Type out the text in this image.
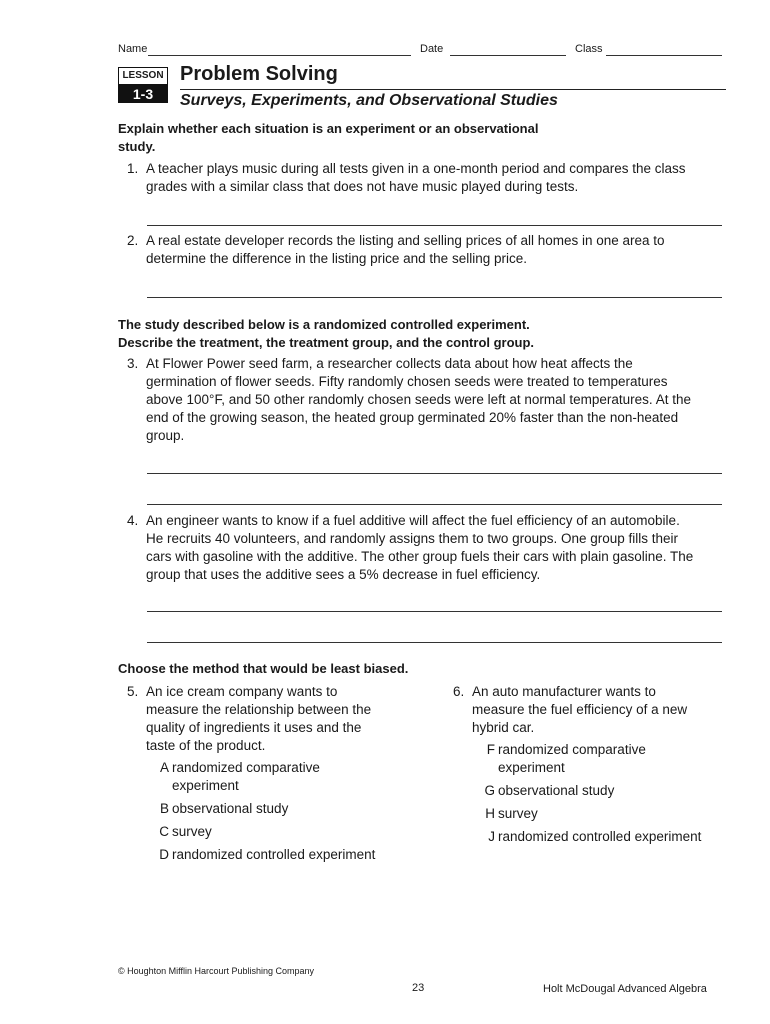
Name	Date	Class
LESSON
1-3
Problem Solving
Surveys, Experiments, and Observational Studies
Explain whether each situation is an experiment or an observational
study.
1. A teacher plays music during all tests given in a one-month period and compares the class
grades with a similar class that does not have music played during tests.
2. A real estate developer records the listing and selling prices of all homes in one area to
determine the difference in the listing price and the selling price.
The study described below is a randomized controlled experiment.
Describe the treatment, the treatment group, and the control group.
3. At Flower Power seed farm, a researcher collects data about how heat affects the
germination of flower seeds. Fifty randomly chosen seeds were treated to temperatures
above 100°F, and 50 other randomly chosen seeds were left at normal temperatures. At the
end of the growing season, the heated group germinated 20% faster than the non-heated
group.
4. An engineer wants to know if a fuel additive will affect the fuel efficiency of an automobile.
He recruits 40 volunteers, and randomly assigns them to two groups. One group fills their
cars with gasoline with the additive. The other group fuels their cars with plain gasoline. The
group that uses the additive sees a 5% decrease in fuel efficiency.
Choose the method that would be least biased.
5. An ice cream company wants to
measure the relationship between the
quality of ingredients it uses and the
taste of the product.
A randomized comparative
experiment
B observational study
C survey
D randomized controlled experiment
6. An auto manufacturer wants to
measure the fuel efficiency of a new
hybrid car.
F randomized comparative
experiment
G observational study
H survey
J randomized controlled experiment
© Houghton Mifflin Harcourt Publishing Company
23	Holt McDougal Advanced Algebra
